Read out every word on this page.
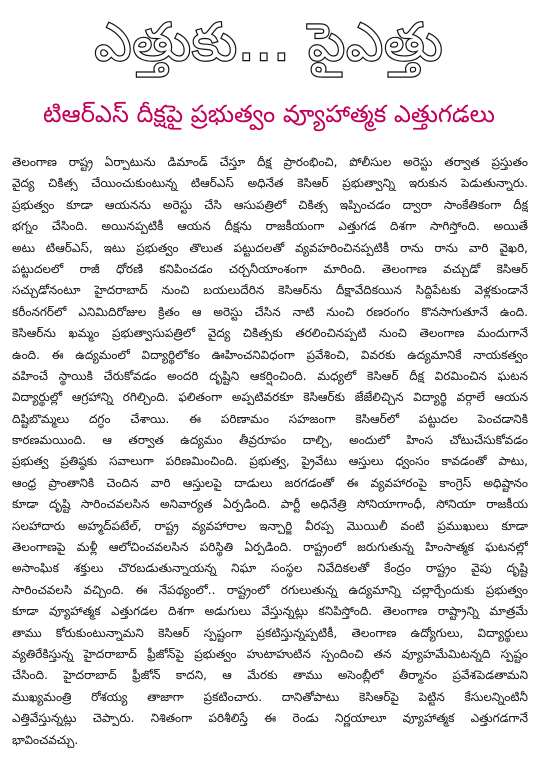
ఎత్తుకు... పైఎత్తు
టిఆర్‌ఎస్ దీక్షపై ప్రభుత్వం వ్యూహాత్మక ఎత్తుగడలు
తెలంగాణ రాష్ట్ర ఏర్పాటును డిమాండ్ చేస్తూ దీక్ష ప్రారంభించి, పోలీసుల అరెస్టు తర్వాత ప్రస్తుతం
వైద్య చికిత్స చేయించుకుంటున్న టిఆర్ఎస్ అధినేత కెసిఆర్ ప్రభుత్వాన్ని ఇరుకున పెడుతున్నారు.
ప్రభుత్వం కూడా ఆయనను అరెస్టు చేసి ఆసుపత్రిలో చికిత్స ఇప్పించడం ద్వారా సాంకేతికంగా దీక్ష
భగ్నం చేసింది. అయినప్పటికీ ఆయన దీక్షను రాజకీయంగా ఎత్తుగడ దిశగా సాగిస్తోంది. అయితే
అటు టిఆర్ఎస్, ఇటు ప్రభుత్వం తొలుత పట్టుదలతో వ్యవహరించినప్పటికీ రాను రాను వారి వైఖరి,
పట్టుదలలో రాజీ ధోరణి కనిపించడం చర్చనీయాంశంగా మారింది. తెలంగాణ వచ్చుడో కెసిఆర్
సచ్చుడోనంటూ హైదరాబాద్ నుంచి బయలుదేరిన కెసిఆర్‌ను దీక్షావేదికయిన సిద్దిపేటకు వెళ్లకుండానే
కరీంనగర్‌లో ఎనిమిదిరోజుల క్రితం ఆ అరెస్టు చేసిన నాటి నుంచి రణరంగం కొనసాగుతూనే ఉంది.
కెసిఆర్‌ను ఖమ్మం ప్రభుత్వాసుపత్రిలో వైద్య చికిత్సకు తరలించినప్పటి నుంచి తెలంగాణ మందుగానే
ఉంది. ఈ ఉద్యమంలో విద్యార్థిలోకం ఊహించనివిధంగా ప్రవేశించి, వివరకు ఉద్యమానికే నాయకత్వం
వహించే స్థాయికి చేరుకోవడం అందరి దృష్టిని ఆకర్షించింది. మధ్యలో కెసిఆర్ దీక్ష విరమించిన ఘటన
విద్యార్థుల్లో ఆగ్రహాన్ని రగిల్చింది. ఫలితంగా అప్పటివరకూ కెసిఆర్‌కు జేజేలిచ్చిన విద్యార్థి వర్గాలే ఆయన
దిష్టిబొమ్మలు దగ్ధం చేశాయి. ఈ పరిణామం సహజంగా కెసిఆర్‌లో పట్టుదల పెంచడానికి
కారణమయింది. ఆ తర్వాత ఉద్యమం తీవ్రరూపం దాల్చి, అందులో హింస చోటుచేసుకోవడం
ప్రభుత్వ ప్రతిష్ఠకు సవాలుగా పరిణమించింది. ప్రభుత్వ, ప్రైవేటు ఆస్తులు ధ్వంసం కావడంతో పాటు,
ఆంధ్ర ప్రాంతానికి చెందిన వారి ఆస్తులపై దాడులు జరగడంతో ఈ వ్యవహారంపై కాంగ్రెస్ అధిష్టానం
కూడా దృష్టి సారించవలసిన అనివార్యత ఏర్పడింది. పార్టీ అధినేత్రి సోనియాగాంధీ, సోనియా రాజకీయ
సలహాదారు అహ్మద్‌పటేల్, రాష్ట్ర వ్యవహారాల ఇన్చార్జి వీరప్ప మొయిలీ వంటి ప్రముఖులు కూడా
తెలంగాణపై మళ్లీ ఆలోచించవలసిన పరిస్థితి ఏర్పడింది. రాష్ట్రంలో జరుగుతున్న హింసాత్మక ఘటనల్లో
అసాంఘిక శక్తులు చొరబడుతున్నాయన్న నిఘా సంస్థల నివేదికలతో కేంద్రం రాష్ట్రం వైపు దృష్టి
సారించవలసి వచ్చింది. ఈ నేపథ్యంలో.. రాష్ట్రంలో రగులుతున్న ఉద్యమాన్ని చల్లార్చేందుకు ప్రభుత్వం
కూడా వ్యూహాత్మక ఎత్తుగడల దిశగా అడుగులు వేస్తున్నట్లు కనిపిస్తోంది. తెలంగాణ రాష్ట్రాన్ని మాత్రమే
తాము కోరుకుంటున్నామని కెసిఆర్ స్పష్టంగా ప్రకటిస్తున్నప్పటికీ, తెలంగాణ ఉద్యోగులు, విద్యార్థులు
వ్యతిరేకిస్తున్న హైదరాబాద్ ఫ్రీజోన్‌పై ప్రభుత్వం హుటాహుటిన స్పందించి తన వ్యూహమేమిటన్నది స్పష్టం
చేసింది. హైదరాబాద్ ఫ్రీజోన్ కాదని, ఆ మేరకు తాము అసెంబ్లీలో తీర్మానం ప్రవేశపెడతామని
ముఖ్యమంత్రి రోశయ్య తాజాగా ప్రకటించారు. దానితోపాటు కెసిఆర్‌పై పెట్టిన కేసులన్నింటినీ
ఎత్తివేస్తున్నట్లు చెప్పారు. నిశితంగా పరిశీలిస్తే ఈ రెండు నిర్ణయాలూ వ్యూహాత్మక ఎత్తుగడగానే
భావించవచ్చు.
